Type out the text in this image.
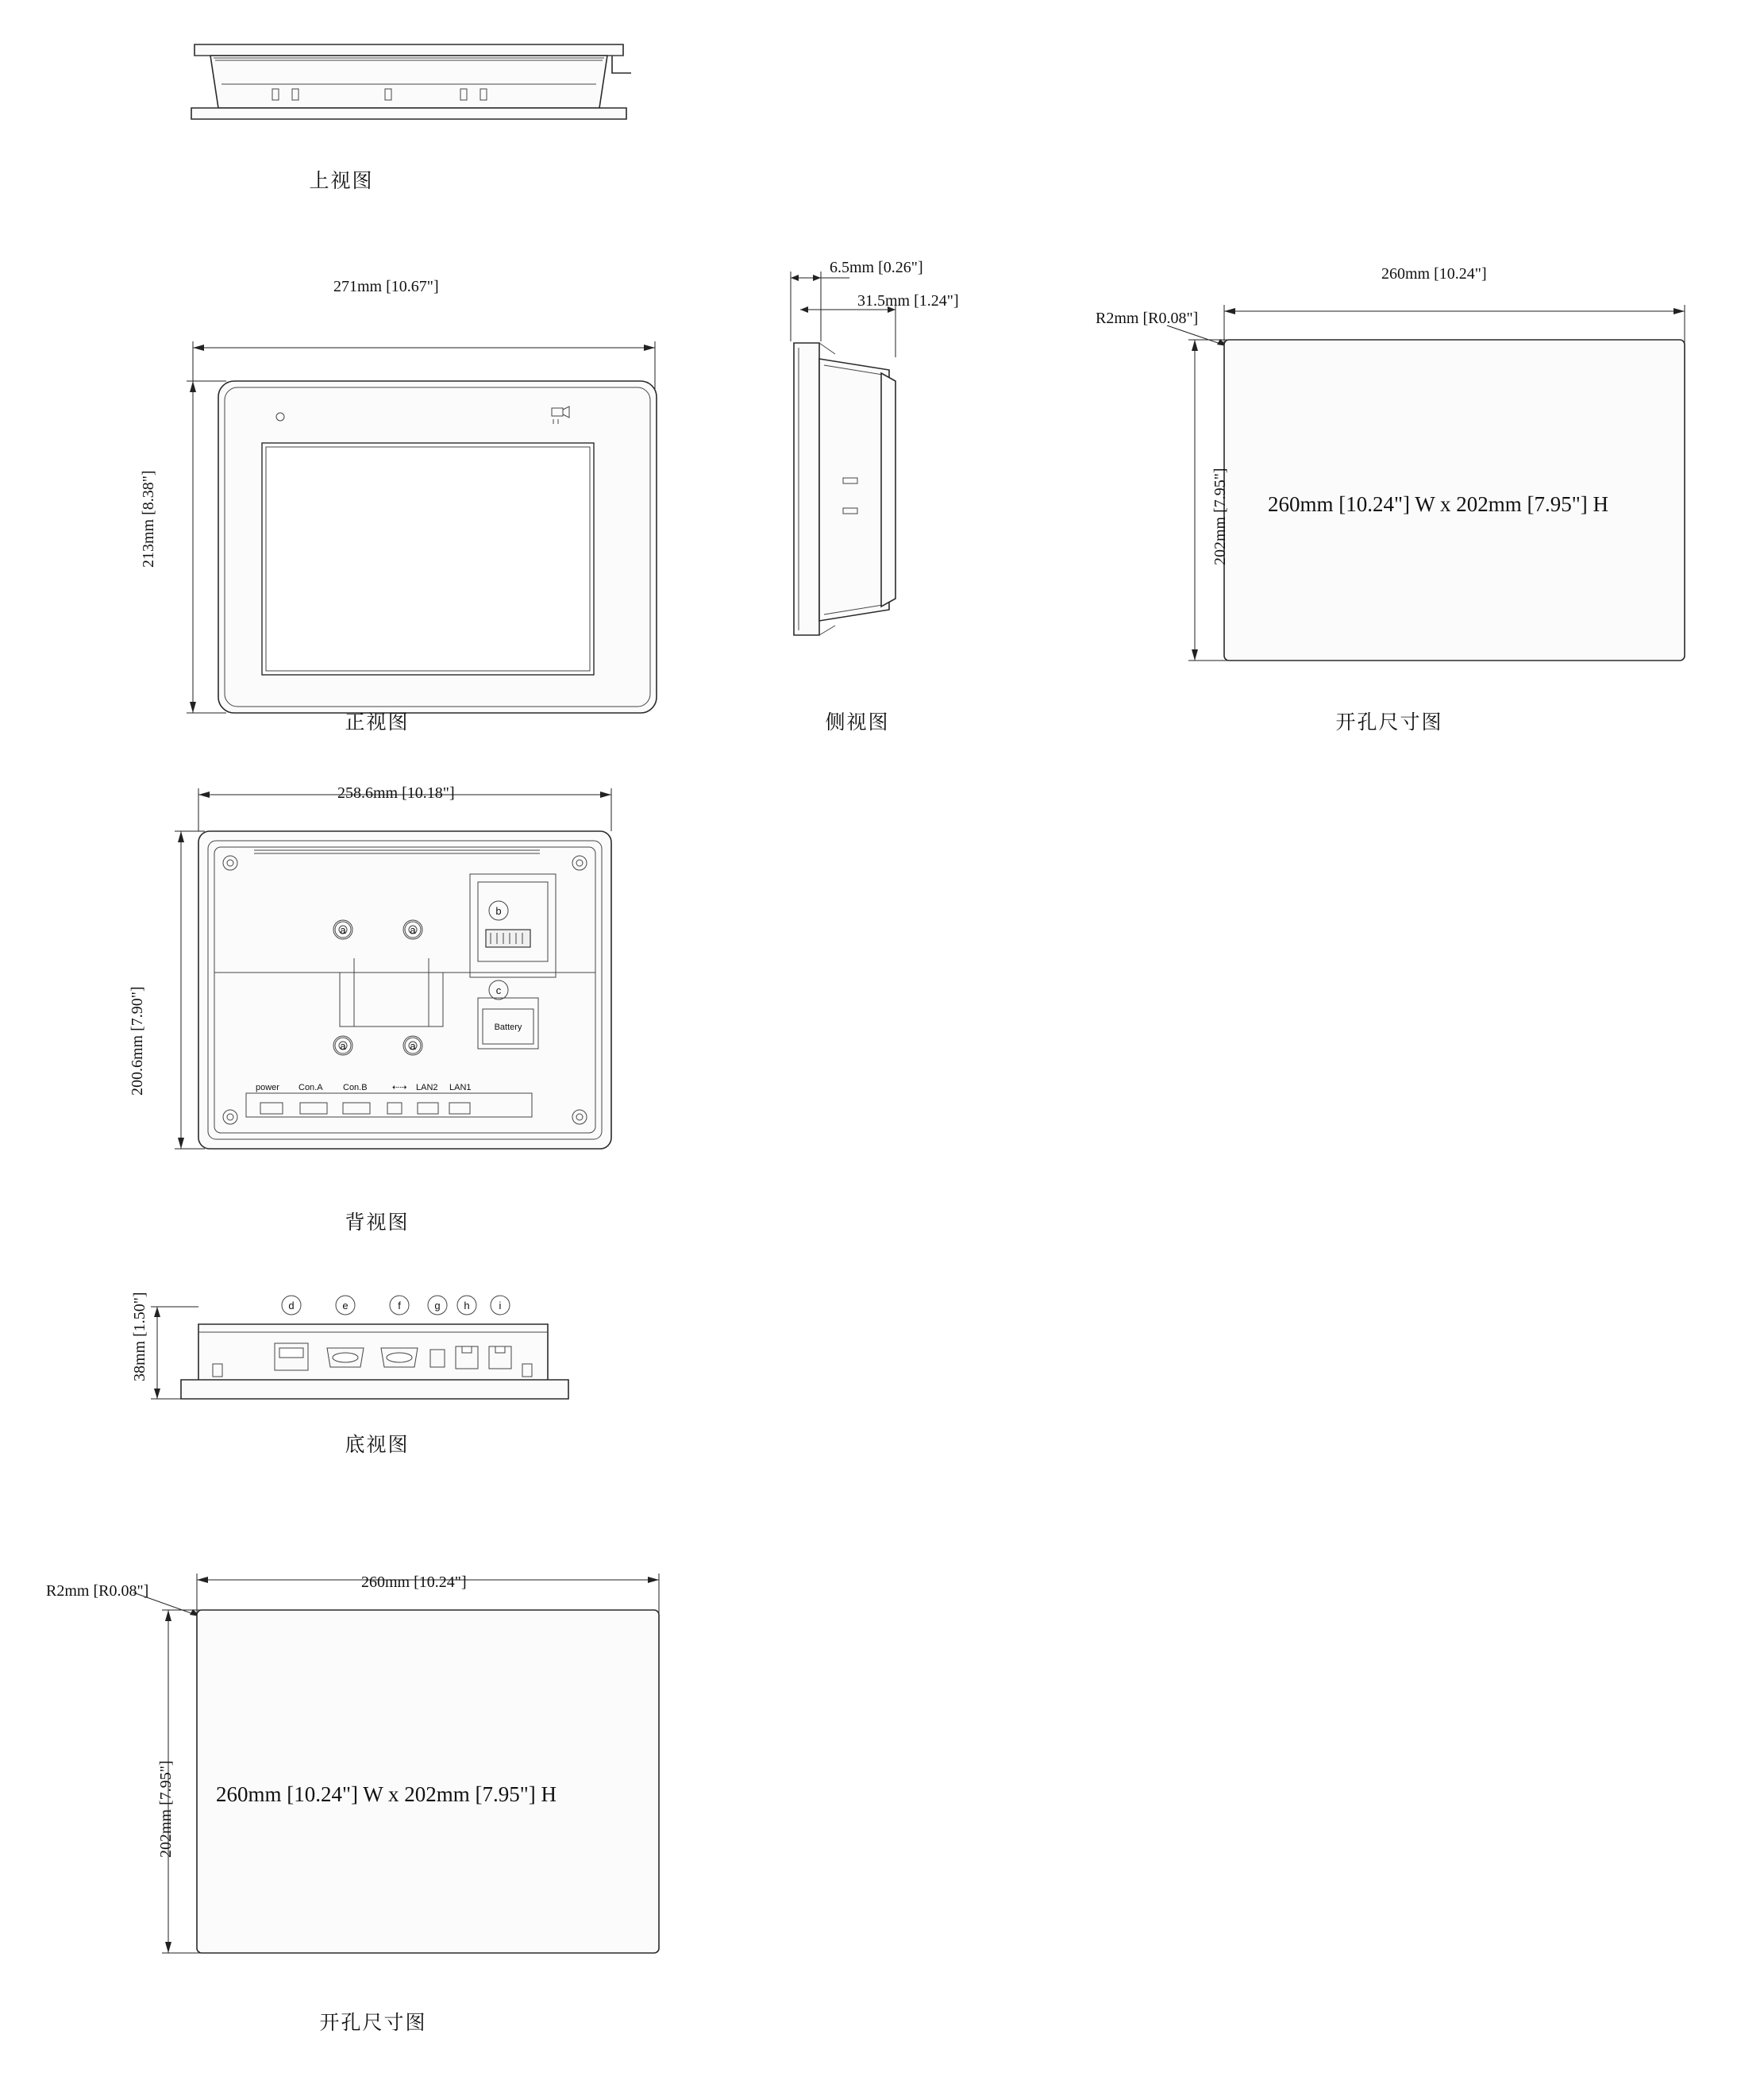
上视图
271mm [10.67"]
213mm [8.38"]
正视图
6.5mm [0.26"]
31.5mm [1.24"]
侧视图
260mm [10.24"]
202mm [7.95"]
R2mm [R0.08"]
260mm [10.24"] W x 202mm [7.95"] H
开孔尺寸图
Battery
power Con.A Con.B	⇠⇢ LAN2 LAN1
a	a
a	a
b
c
258.6mm [10.18"]
200.6mm [7.90"]
背视图
d	e	f	g h	i
38mm [1.50"]
底视图
260mm [10.24"]
202mm [7.95"]
R2mm [R0.08"]
260mm [10.24"] W x 202mm [7.95"] H
开孔尺寸图
